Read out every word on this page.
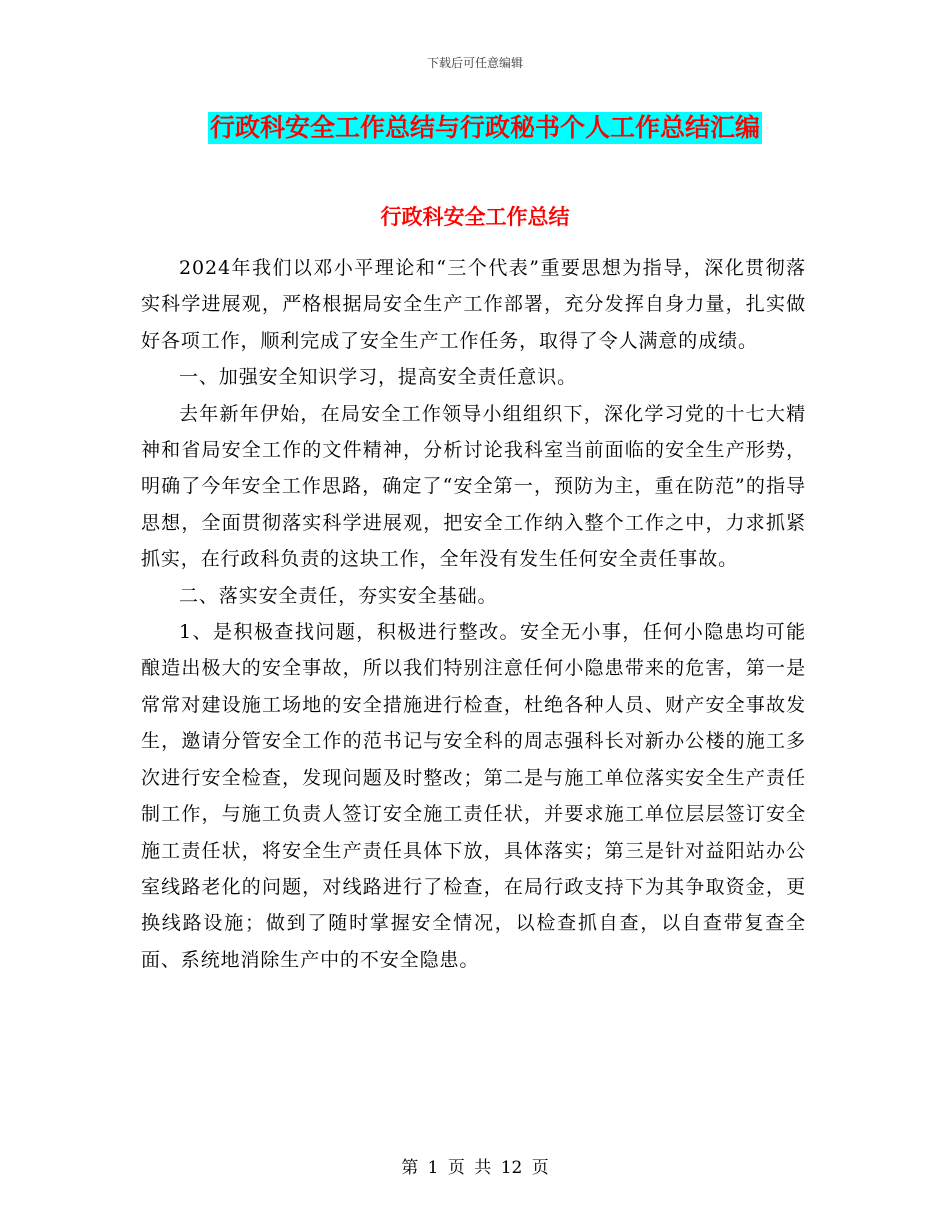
下载后可任意编辑
行政科安全工作总结与行政秘书个人工作总结汇编
行政科安全工作总结

2024年我们以邓小平理论和“三个代表”重要思想为指导，深化贯彻落实科学进展观，严格根据局安全生产工作部署，充分发挥自身力量，扎实做好各项工作，顺利完成了安全生产工作任务，取得了令人满意的成绩。

一、加强安全知识学习，提高安全责任意识。

去年新年伊始，在局安全工作领导小组组织下，深化学习党的十七大精神和省局安全工作的文件精神，分析讨论我科室当前面临的安全生产形势，明确了今年安全工作思路，确定了“安全第一，预防为主，重在防范”的指导思想，全面贯彻落实科学进展观，把安全工作纳入整个工作之中，力求抓紧抓实，在行政科负责的这块工作，全年没有发生任何安全责任事故。

二、落实安全责任，夯实安全基础。

1、是积极查找问题，积极进行整改。安全无小事，任何小隐患均可能酿造出极大的安全事故，所以我们特别注意任何小隐患带来的危害，第一是常常对建设施工场地的安全措施进行检查，杜绝各种人员、财产安全事故发生，邀请分管安全工作的范书记与安全科的周志强科长对新办公楼的施工多次进行安全检查，发现问题及时整改；第二是与施工单位落实安全生产责任制工作，与施工负责人签订安全施工责任状，并要求施工单位层层签订安全施工责任状，将安全生产责任具体下放，具体落实；第三是针对益阳站办公室线路老化的问题，对线路进行了检查，在局行政支持下为其争取资金，更换线路设施；做到了随时掌握安全情况，以检查抓自查，以自查带复查全面、系统地消除生产中的不安全隐患。

第 1 页 共 12 页
